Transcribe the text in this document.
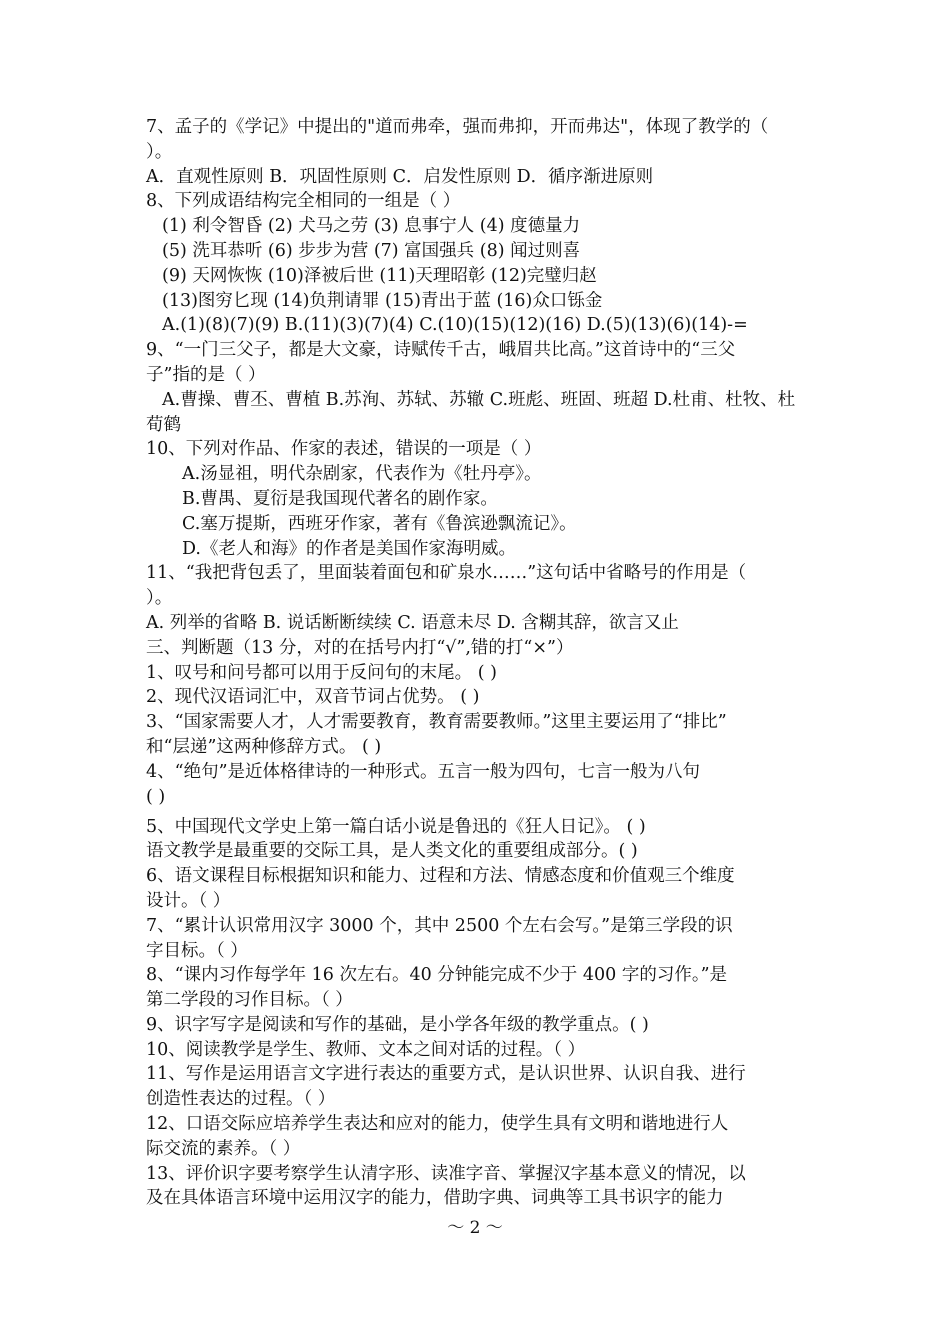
7、孟子的《学记》中提出的"道而弗牵，强而弗抑，开而弗达"，体现了教学的（
）。
A．直观性原则 B．巩固性原则 C．启发性原则 D．循序渐进原则
8、下列成语结构完全相同的一组是（ ）
(1) 利令智昏 (2) 犬马之劳 (3) 息事宁人 (4) 度德量力
(5) 洗耳恭听 (6) 步步为营 (7) 富国强兵 (8) 闻过则喜
(9) 天网恢恢 (10)泽被后世 (11)天理昭彰 (12)完璧归赵
(13)图穷匕现 (14)负荆请罪 (15)青出于蓝 (16)众口铄金
A.(1)(8)(7)(9) B.(11)(3)(7)(4) C.(10)(15)(12)(16) D.(5)(13)(6)(14)-=
9、“一门三父子，都是大文豪，诗赋传千古，峨眉共比高。”这首诗中的“三父
子”指的是（ ）
A.曹操、曹丕、曹植 B.苏洵、苏轼、苏辙 C.班彪、班固、班超 D.杜甫、杜牧、杜
荀鹤
10、下列对作品、作家的表述，错误的一项是（ ）
A.汤显祖，明代杂剧家，代表作为《牡丹亭》。
B.曹禺、夏衍是我国现代著名的剧作家。
C.塞万提斯，西班牙作家，著有《鲁滨逊飘流记》。
D.《老人和海》的作者是美国作家海明威。
11、“我把背包丢了，里面装着面包和矿泉水……”这句话中省略号的作用是（
）。
A. 列举的省略 B. 说话断断续续 C. 语意未尽 D. 含糊其辞，欲言又止
三、判断题（13 分，对的在括号内打“√”,错的打“×”）
1、叹号和问号都可以用于反问句的末尾。 ( )
2、现代汉语词汇中，双音节词占优势。 ( )
3、“国家需要人才，人才需要教育，教育需要教师。”这里主要运用了“排比”
和“层递”这两种修辞方式。 ( )
4、“绝句”是近体格律诗的一种形式。五言一般为四句，七言一般为八句
( )
5、中国现代文学史上第一篇白话小说是鲁迅的《狂人日记》。 ( )
语文教学是最重要的交际工具，是人类文化的重要组成部分。( )
6、语文课程目标根据知识和能力、过程和方法、情感态度和价值观三个维度
设计。（ ）
7、“累计认识常用汉字 3000 个，其中 2500 个左右会写。”是第三学段的识
字目标。（ ）
8、“课内习作每学年 16 次左右。40 分钟能完成不少于 400 字的习作。”是
第二学段的习作目标。（ ）
9、识字写字是阅读和写作的基础，是小学各年级的教学重点。( )
10、阅读教学是学生、教师、文本之间对话的过程。（ ）
11、写作是运用语言文字进行表达的重要方式，是认识世界、认识自我、进行
创造性表达的过程。（ ）
12、口语交际应培养学生表达和应对的能力，使学生具有文明和谐地进行人
际交流的素养。（ ）
13、评价识字要考察学生认清字形、读准字音、掌握汉字基本意义的情况，以
及在具体语言环境中运用汉字的能力，借助字典、词典等工具书识字的能力
～ 2 ～
